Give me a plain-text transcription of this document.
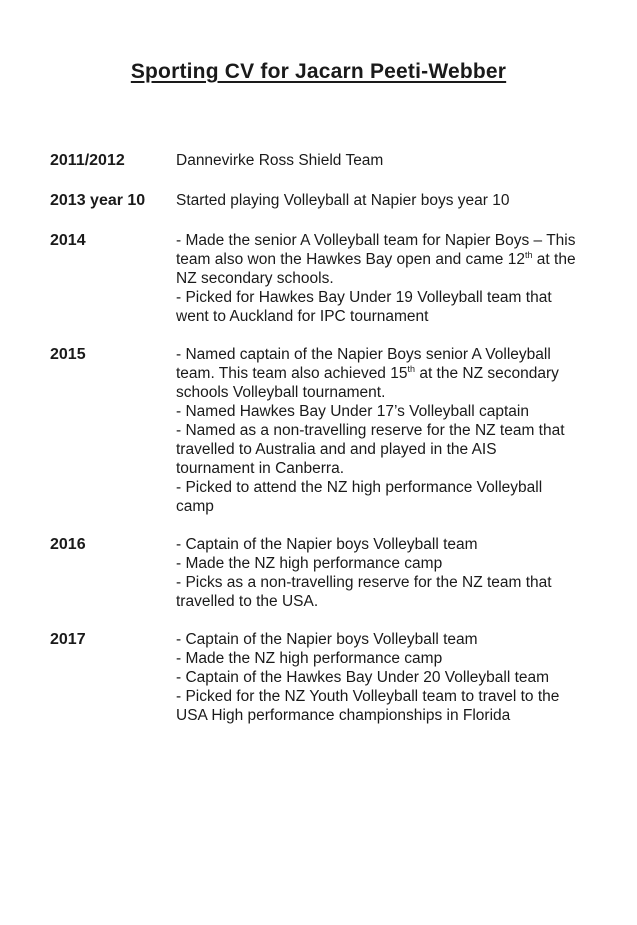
Sporting CV for Jacarn Peeti-Webber
2011/2012	Dannevirke Ross Shield Team

2013 year 10	Started playing Volleyball at Napier boys year 10

2014	- Made the senior A Volleyball team for Napier Boys – This team also won the Hawkes Bay open and came 12th at the NZ secondary schools.

- Picked for Hawkes Bay Under 19 Volleyball team that went to Auckland for IPC tournament

2015	- Named captain of the Napier Boys senior A Volleyball team. This team also achieved 15th at the NZ secondary schools Volleyball tournament.

- Named Hawkes Bay Under 17’s Volleyball captain

- Named as a non-travelling reserve for the NZ team that travelled to Australia and and played in the AIS tournament in Canberra.

- Picked to attend the NZ high performance Volleyball camp

2016	- Captain of the Napier boys Volleyball team

- Made the NZ high performance camp

- Picks as a non-travelling reserve for the NZ team that travelled to the USA.

2017	- Captain of the Napier boys Volleyball team

- Made the NZ high performance camp

- Captain of the Hawkes Bay Under 20 Volleyball team

- Picked for the NZ Youth Volleyball team to travel to the USA High performance championships in Florida
